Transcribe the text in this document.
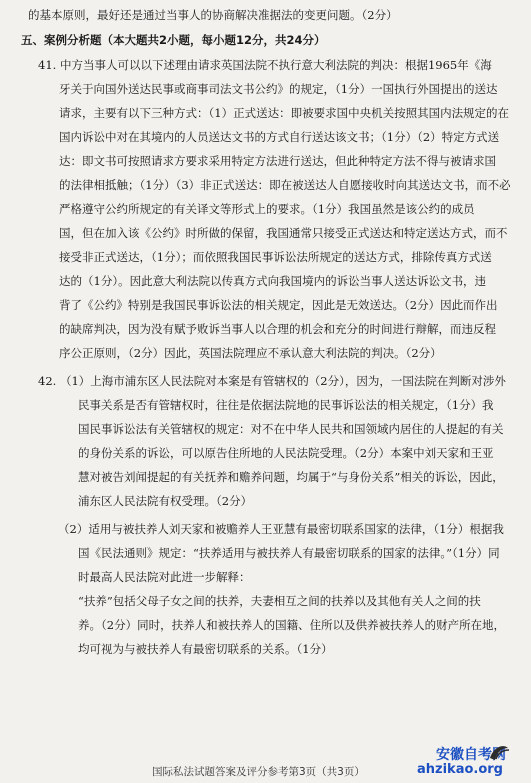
的基本原则，最好还是通过当事人的协商解决准据法的变更问题。（2分）
五、案例分析题（本大题共2小题，每小题12分，共24分）
41. 中方当事人可以以下述理由请求英国法院不执行意大利法院的判决：根据1965年《海
牙关于向国外送达民事或商事司法文书公约》的规定，（1分）一国执行外国提出的送达
请求，主要有以下三种方式：（1）正式送达：即被要求国中央机关按照其国内法规定的在
国内诉讼中对在其境内的人员送达文书的方式自行送达该文书；（1分）（2）特定方式送
达：即文书可按照请求方要求采用特定方法进行送达，但此种特定方法不得与被请求国
的法律相抵触；（1分）（3）非正式送达：即在被送达人自愿接收时向其送达文书，而不必
严格遵守公约所规定的有关译文等形式上的要求。（1分）我国虽然是该公约的成员
国，但在加入该《公约》时所做的保留，我国通常只接受正式送达和特定送达方式，而不
接受非正式送达，（1分）；而依照我国民事诉讼法所规定的送达方式，排除传真方式送
达的（1分）。因此意大利法院以传真方式向我国境内的诉讼当事人送达诉讼文书，违
背了《公约》特别是我国民事诉讼法的相关规定，因此是无效送达。（2分）因此而作出
的缺席判决，因为没有赋予败诉当事人以合理的机会和充分的时间进行辩解，而违反程
序公正原则，（2分）因此，英国法院理应不承认意大利法院的判决。（2分）
42. （1）上海市浦东区人民法院对本案是有管辖权的（2分），因为，一国法院在判断对涉外
民事关系是否有管辖权时，往往是依据法院地的民事诉讼法的相关规定，（1分）我
国民事诉讼法有关管辖权的规定：对不在中华人民共和国领域内居住的人提起的有关
的身份关系的诉讼，可以原告住所地的人民法院受理。（2分）本案中刘天家和王亚
慧对被告刘闻提起的有关抚养和赡养问题，均属于“与身份关系”相关的诉讼，因此，
浦东区人民法院有权受理。（2分）
（2）适用与被扶养人刘天家和被赡养人王亚慧有最密切联系国家的法律，（1分）根据我
国《民法通则》规定：“扶养适用与被扶养人有最密切联系的国家的法律。”（1分）同
时最高人民法院对此进一步解释：
“扶养”包括父母子女之间的扶养，夫妻相互之间的扶养以及其他有关人之间的扶
养。（2分）同时，扶养人和被扶养人的国籍、住所以及供养被扶养人的财产所在地，
均可视为与被扶养人有最密切联系的关系。（1分）
国际私法试题答案及评分参考第3页（共3页）
安徽自考网
ahzikao.org
